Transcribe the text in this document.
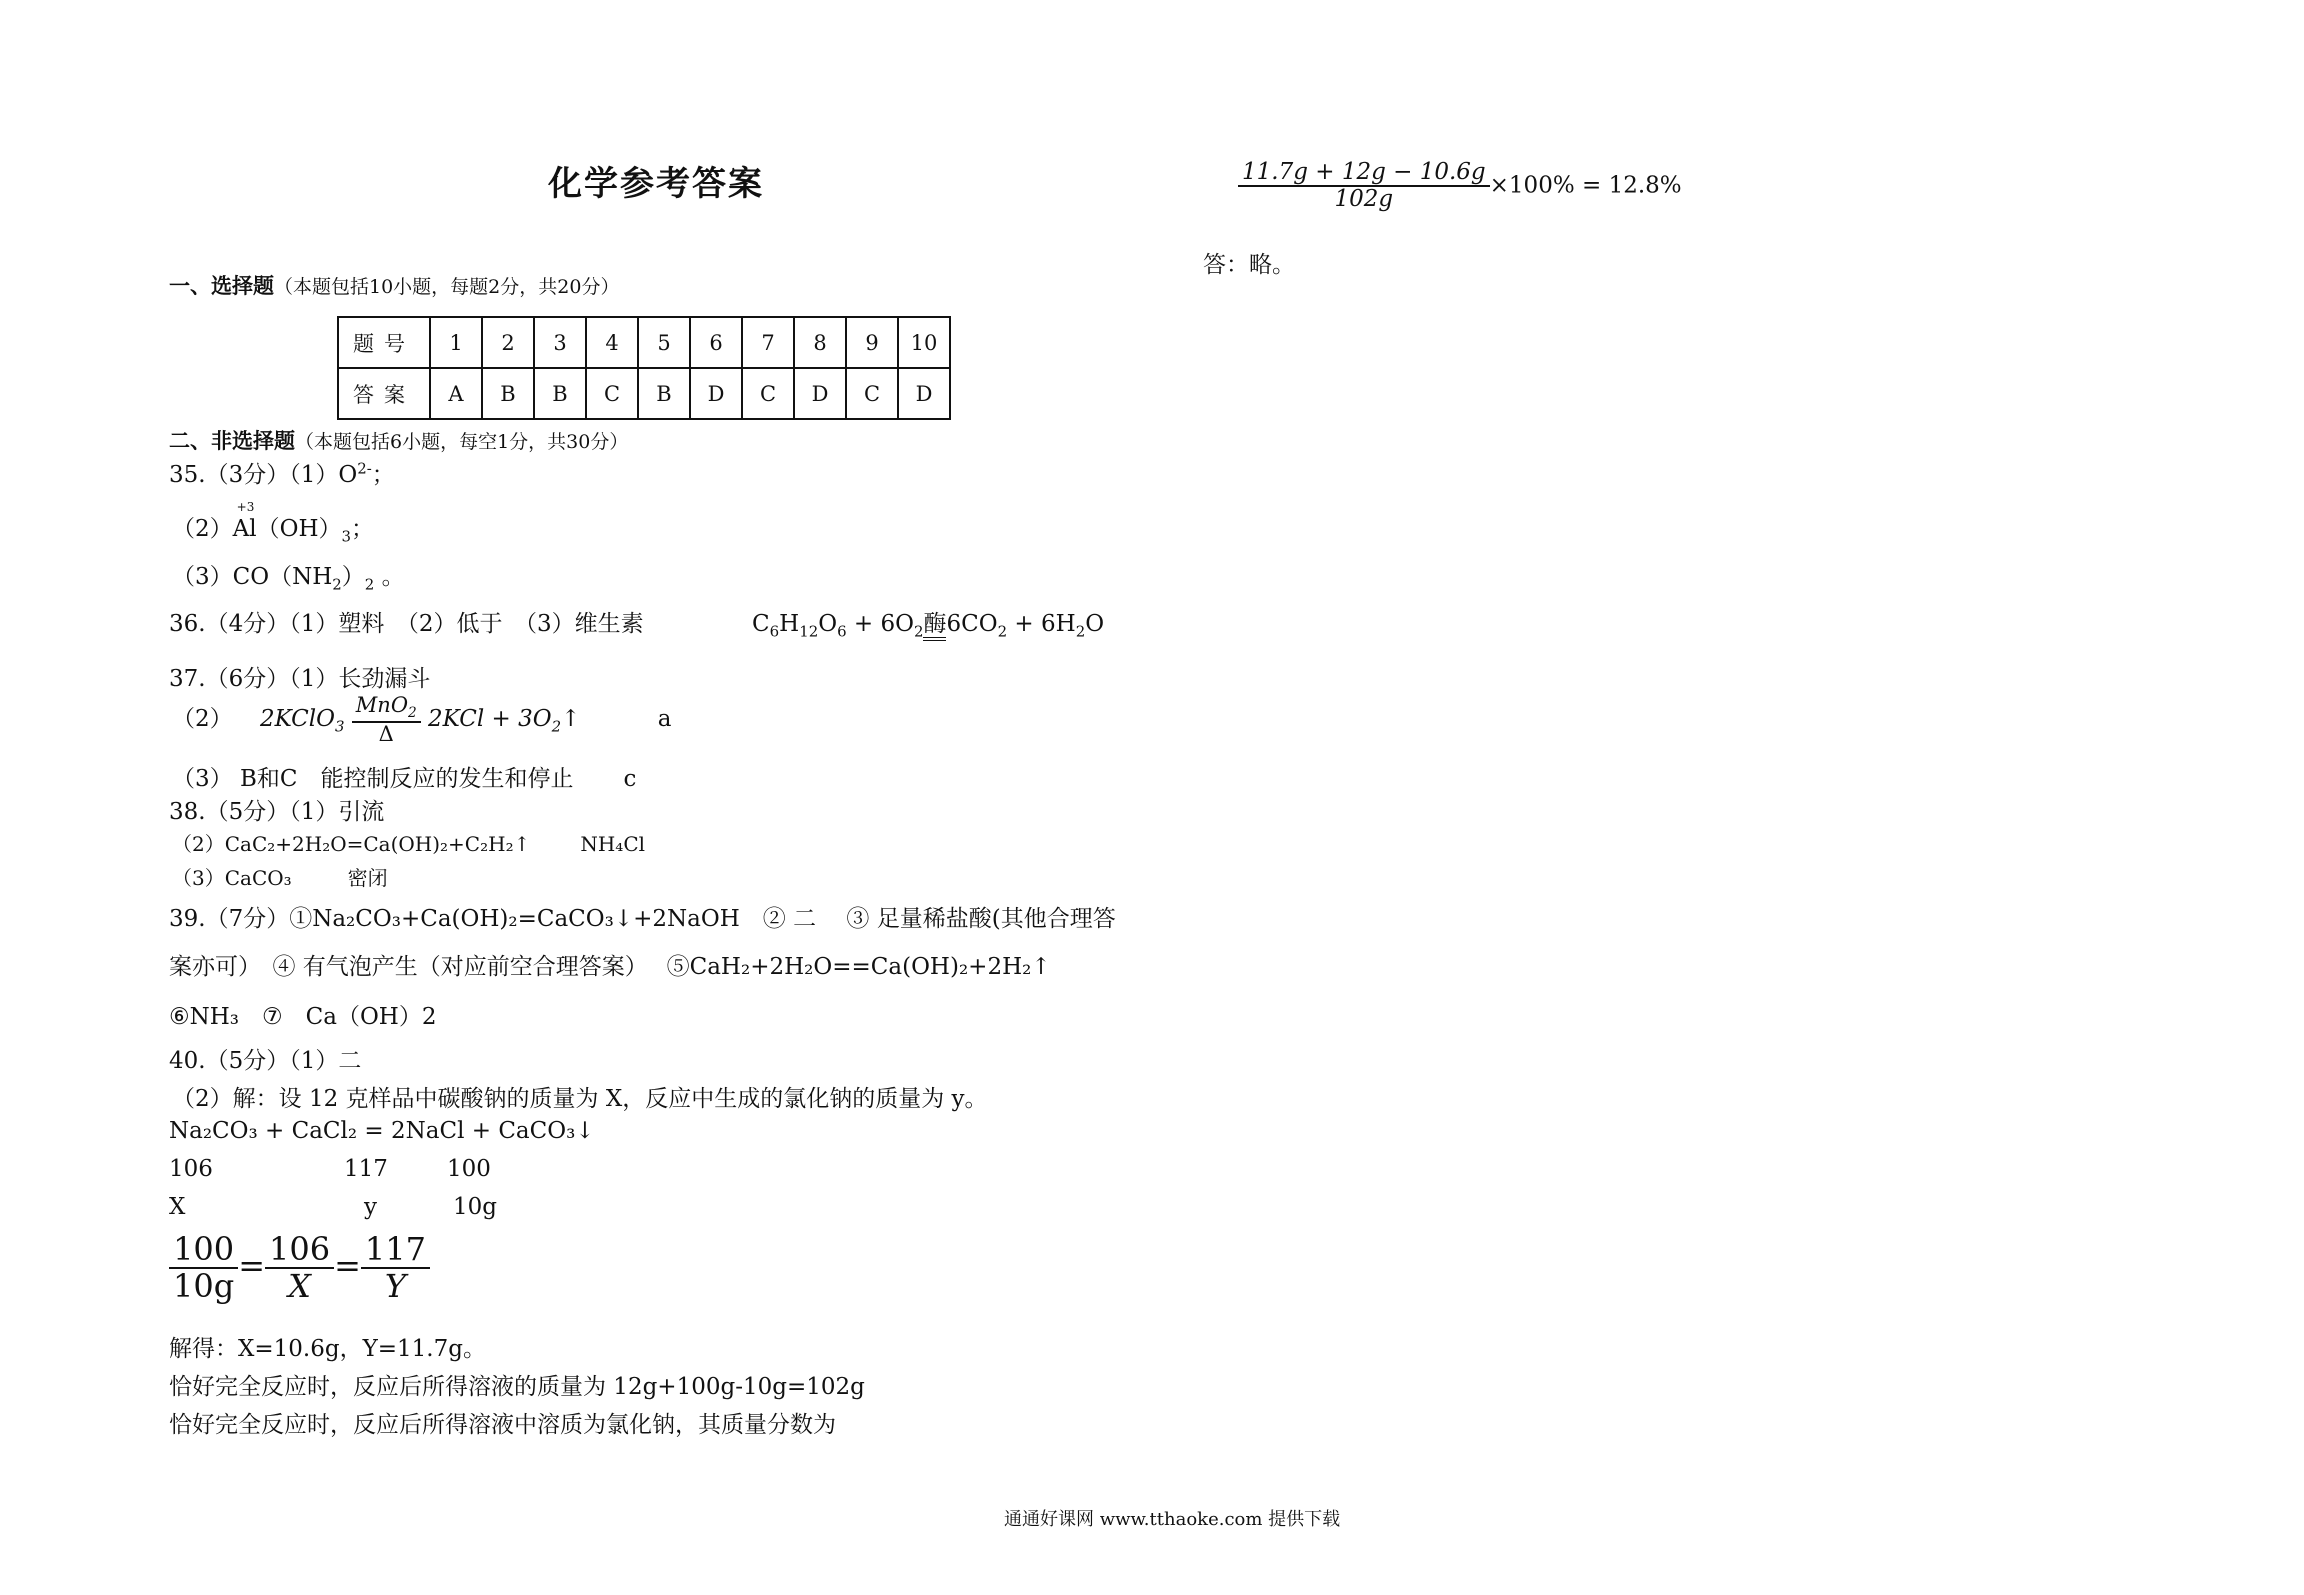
化学参考答案
一、选择题（本题包括10小题，每题2分，共20分）
题号	1	2	3	4	5	6	7	8	9	10
答案	A	B	B	C	B	D	C	D	C	D
二、非选择题（本题包括6小题，每空1分，共30分）
35.（3分）$(1)O^{2-}$；
（2）
+3
$Al(OH)_3$；
$(3)CO(NH_2)_2$ 。
36.（4分）（1）塑料　（2）低于　（3）维生素	$C_6H_{12}O_6 + 6O_2$酶$6CO_2 + 6H_2O$
37.（6分）（1）长劲漏斗
（2） 2KClO$_3$ $\frac{MnO_2}{\Delta} 2KCl$ + $3O_2↑$	a
（3） B和C　能控制反应的发生和停止 c
38.（5分）（1）引流
（2）CaC₂+2H₂O=Ca(OH)₂+C₂H₂↑	NH₄Cl
（3）CaCO₃	密闭
39.（7分）①Na₂CO₃+Ca(OH)₂=CaCO₃↓+2NaOH　② 二　 ③ 足量稀盐酸(其他合理答
案亦可）　④ 有气泡产生（对应前空合理答案）　 ⑤CaH₂+2H₂O==Ca(OH)₂+2H₂↑
⑥NH₃　⑦　Ca（OH）2
40.（5分）（1）二
（2）解：设 12 克样品中碳酸钠的质量为 X，反应中生成的氯化钠的质量为 y。
Na₂CO₃ + CaCl₂ = 2NaCl + CaCO₃↓
106	117	100
X	y	10g
$\frac{100}{10g} = \frac{106}{X} = \frac{117}{Y}$
解得：X=10.6g，Y=11.7g。
恰好完全反应时，反应后所得溶液的质量为 12g+100g-10g=102g
恰好完全反应时，反应后所得溶液中溶质为氯化钠，其质量分数为
$\frac{11.7g + 12g - 10.6g}{102g} \times 100\% = 12.8\%$
答：略。
通通好课网 www.tthaoke.com 提供下载
